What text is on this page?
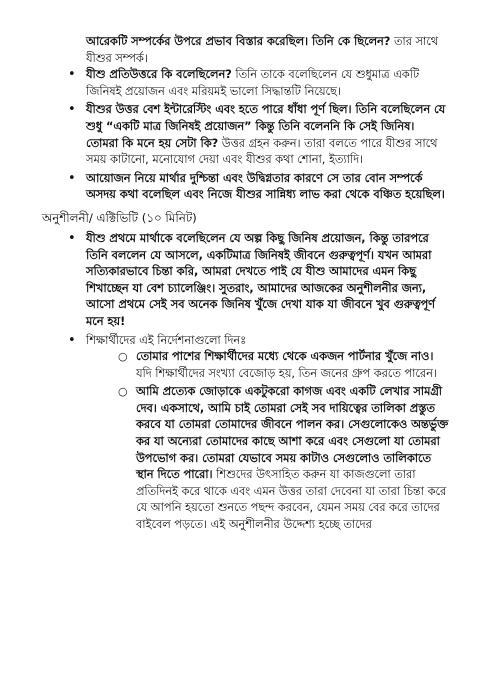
আরেকটি সম্পর্কের উপরে প্রভাব বিস্তার করেছিল। তিনি কে ছিলেন? তার সাথে যীশুর সম্পর্ক।

• যীশু প্রতিউত্তরে কি বলেছিলেন? তিনি তাকে বলেছিলেন যে শুধুমাত্র একটি জিনিষই প্রয়োজন এবং মরিয়মই ভালো সিদ্ধান্তটি নিয়েছে।
• যীশুর উত্তর বেশ ইন্টারেস্টিং এবং হতে পারে ধাঁধা পূর্ণ ছিল। তিনি বলেছিলেন যে শুধু “একটি মাত্র জিনিষই প্রয়োজন” কিন্তু তিনি বলেননি কি সেই জিনিষ। তোমরা কি মনে হয় সেটা কি? উত্তর গ্রহন করুন। তারা বলতে পারে যীশুর সাথে সময় কাটানো, মনোযোগ দেয়া এবং যীশুর কথা শোনা, ইত্যাদি।
• আয়োজন নিয়ে মার্থার দুশ্চিন্তা এবং উদ্বিগ্নতার কারণে সে তার বোন সম্পর্কে অসদয় কথা বলেছিল এবং নিজে যীশুর সান্নিধ্য লাভ করা থেকে বঞ্চিত হয়েছিল।

অনুশীলনী/ এক্টিভিটি (১০ মিনিট)

• যীশু প্রথমে মার্থাকে বলেছিলেন যে অল্প কিছু জিনিষ প্রয়োজন, কিন্তু তারপরে তিনি বললেন যে আসলে, একটিমাত্র জিনিষই জীবনে গুরুত্বপূর্ণ। যখন আমরা সত্যিকারভাবে চিন্তা করি, আমরা দেখতে পাই যে যীশু আমাদের এমন কিছু শিখাচ্ছেন যা বেশ চ্যালেঞ্জিং। সুতরাং, আমাদের আজকের অনুশীলনীর জন্য, আসো প্রথমে সেই সব অনেক জিনিষ খুঁজে দেখা যাক যা জীবনে খুব গুরুত্বপূর্ণ মনে হয়!
• শিক্ষার্থীদের এই নির্দেশনাগুলো দিনঃ
○ তোমার পাশের শিক্ষার্থীদের মধ্যে থেকে একজন পার্টনার খুঁজে নাও। যদি শিক্ষার্থীদের সংখ্যা বেজোড় হয়, তিন জনের গ্রুপ করতে পারেন।
○ আমি প্রত্যেক জোড়াকে একটুকরো কাগজ এবং একটি লেখার সামগ্রী দেব। একসাথে, আমি চাই তোমরা সেই সব দায়িত্বের তালিকা প্রস্তুত করবে যা তোমরা তোমাদের জীবনে পালন কর। সেগুলোকেও অন্তর্ভুক্ত কর যা অন্যেরা তোমাদের কাছে আশা করে এবং সেগুলো যা তোমরা উপভোগ কর। তোমরা যেভাবে সময় কাটাও সেগুলোও তালিকাতে স্থান দিতে পারো। শিশুদের উৎসাহিত করুন যা কাজগুলো তারা প্রতিদিনই করে থাকে এবং এমন উত্তর তারা দেবেনা যা তারা চিন্তা করে যে আপনি হয়তো শুনতে পছন্দ করবেন, যেমন সময় বের করে তাদের বাইবেল পড়তে। এই অনুশীলনীর উদ্দেশ্য হচ্ছে তাদের
